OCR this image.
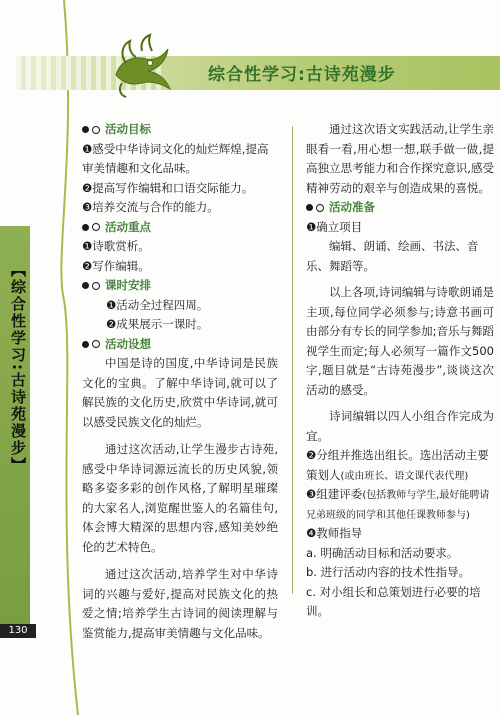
综合性学习:古诗苑漫步
【综合性学习:古诗苑漫步】
130
活动目标
❶感受中华诗词文化的灿烂辉煌,提高审美情趣和文化品味。
❷提高写作编辑和口语交际能力。
❸培养交流与合作的能力。
活动重点
❶诗歌赏析。
❷写作编辑。
课时安排
❶活动全过程四周。
❷成果展示一课时。
活动设想
中国是诗的国度,中华诗词是民族文化的宝典。了解中华诗词,就可以了解民族的文化历史,欣赏中华诗词,就可以感受民族文化的灿烂。
通过这次活动,让学生漫步古诗苑,感受中华诗词源远流长的历史风貌,领略多姿多彩的创作风格,了解明星璀璨的大家名人,浏览醒世鉴人的名篇佳句,体会博大精深的思想内容,感知美妙绝伦的艺术特色。
通过这次活动,培养学生对中华诗词的兴趣与爱好,提高对民族文化的热爱之情;培养学生古诗词的阅读理解与鉴赏能力,提高审美情趣与文化品味。
通过这次语文实践活动,让学生亲眼看一看,用心想一想,联手做一做,提高独立思考能力和合作探究意识,感受精神劳动的艰辛与创造成果的喜悦。
活动准备
❶确立项目
编辑、朗诵、绘画、书法、音乐、舞蹈等。
以上各项,诗词编辑与诗歌朗诵是主项,每位同学必须参与;诗意书画可由部分有专长的同学参加;音乐与舞蹈视学生而定;每人必须写一篇作文500字,题目就是“古诗苑漫步”,谈谈这次活动的感受。
诗词编辑以四人小组合作完成为宜。
❷分组并推选出组长。选出活动主要策划人(或由班长、语文课代表代理)
❸组建评委(包括教师与学生,最好能聘请兄弟班级的同学和其他任课教师参与)
❹教师指导
a. 明确活动目标和活动要求。
b. 进行活动内容的技术性指导。
c. 对小组长和总策划进行必要的培训。
